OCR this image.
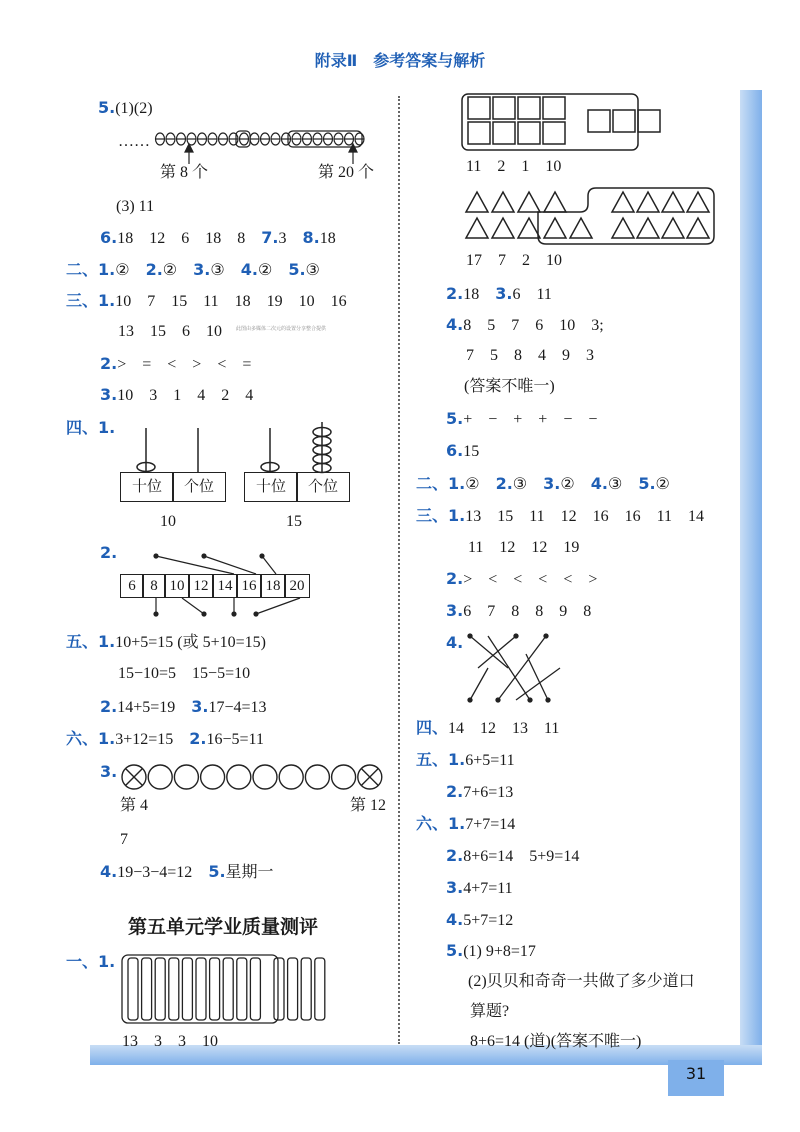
31
附录Ⅱ　参考答案与解析
此图由多媒体二次元的设置分享整合提供
5.(1)(2)
……
第 8 个	第 20 个
(3) 11
6.18　12　6　18　8　 7.3　 8.18
二、1.②　 2.②　 3.③　 4.②　 5.③
三、1.10　7　15　11　18　19　10　16
13　15　6　10
2.>　=　<　>　<　=
3.10　3　1　4　2　4
四、1.
十位	个位
10
十位	个位
15
2.
6 8 10 12 14 16 18 20
五、1.10+5=15 (或 5+10=15)
15−10=5　15−5=10
2.14+5=19　 3.17−4=13
六、1.3+12=15　 2.16−5=11
3.
第 4	第 12
7
4.19−3−4=12　 5.星期一
第五单元学业质量测评
一、1.
13　3　3　10
11　2　1　10
17　7　2　10
2.18　 3.6　11
4.8　5　7　6　10　3;
7　5　8　4　9　3
(答案不唯一)
5.+　−　+　+　−　−
6.15
二、1.②　 2.③　 3.②　 4.③　 5.②
三、1.13　15　11　12　16　16　11　14
11　12　12　19
2.>　<　<　<　<　>
3.6　7　8　8　9　8
4.
四、14　12　13　11
五、1.6+5=11
2.7+6=13
六、1.7+7=14
2.8+6=14　5+9=14
3.4+7=11
4.5+7=12
5.(1) 9+8=17
(2)贝贝和奇奇一共做了多少道口
算题?
8+6=14 (道)(答案不唯一)
